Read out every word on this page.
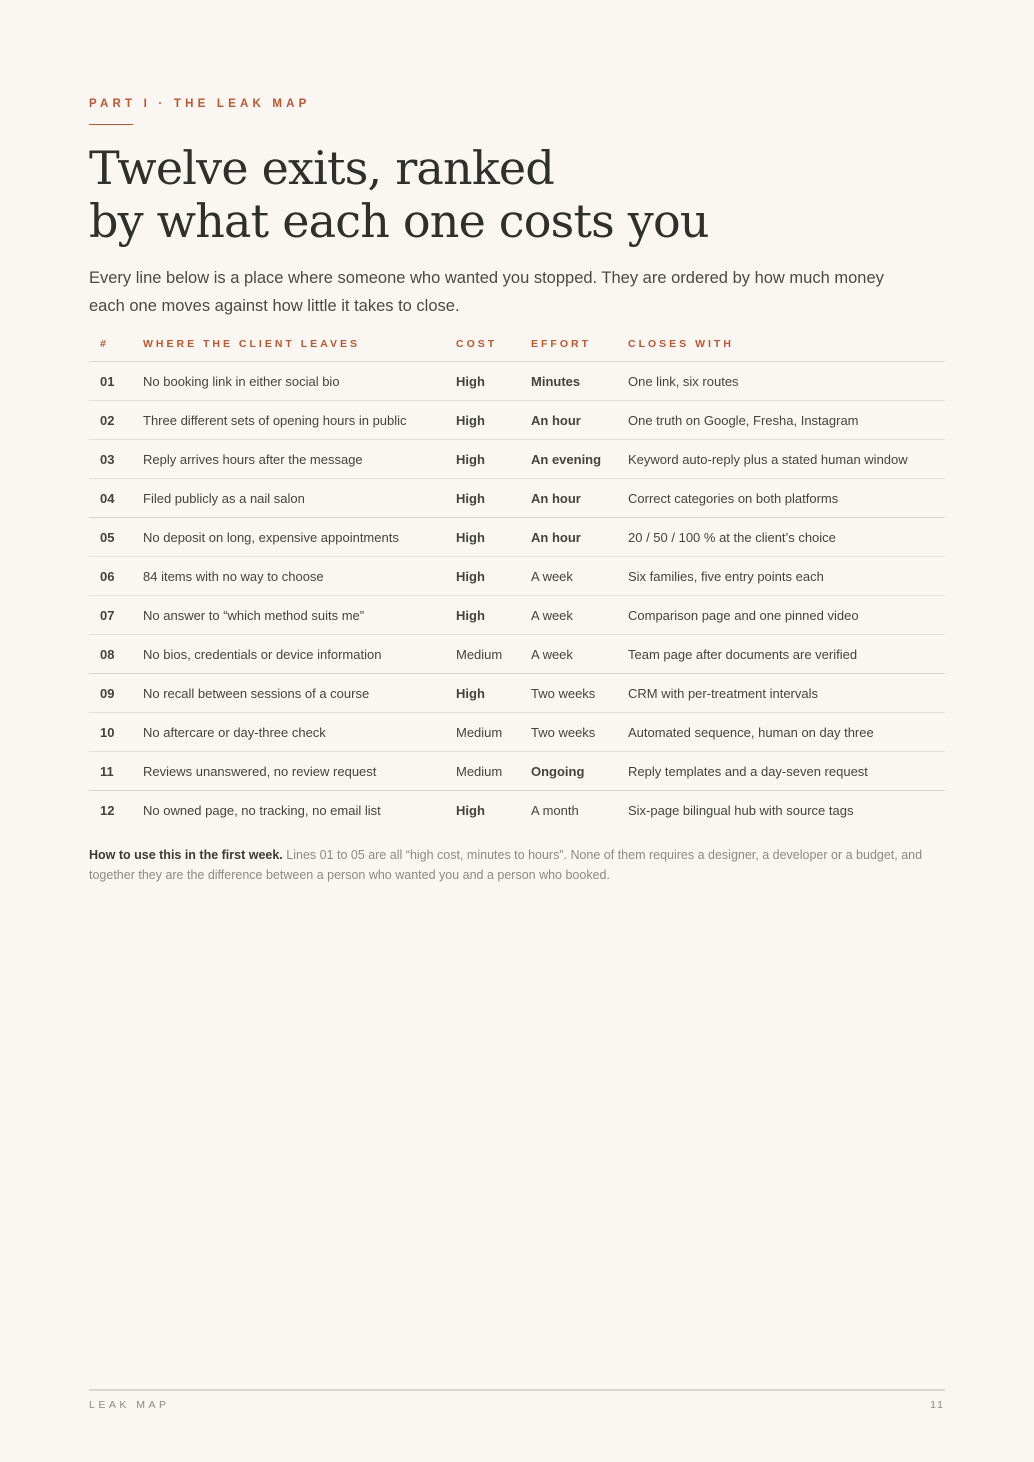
PART I · THE LEAK MAP
Twelve exits, ranked
by what each one costs you

Every line below is a place where someone who wanted you stopped. They are ordered by how much money each one moves against how little it takes to close.

#	WHERE THE CLIENT LEAVES	COST	EFFORT	CLOSES WITH
01	No booking link in either social bio	High	Minutes	One link, six routes
02	Three different sets of opening hours in public	High	An hour	One truth on Google, Fresha, Instagram
03	Reply arrives hours after the message	High	An evening	Keyword auto-reply plus a stated human window
04	Filed publicly as a nail salon	High	An hour	Correct categories on both platforms
05	No deposit on long, expensive appointments	High	An hour	20 / 50 / 100 % at the client’s choice
06	84 items with no way to choose	High	A week	Six families, five entry points each
07	No answer to “which method suits me”	High	A week	Comparison page and one pinned video
08	No bios, credentials or device information	Medium	A week	Team page after documents are verified
09	No recall between sessions of a course	High	Two weeks	CRM with per-treatment intervals
10	No aftercare or day-three check	Medium	Two weeks	Automated sequence, human on day three
11	Reviews unanswered, no review request	Medium	Ongoing	Reply templates and a day-seven request
12	No owned page, no tracking, no email list	High	A month	Six-page bilingual hub with source tags

How to use this in the first week. Lines 01 to 05 are all “high cost, minutes to hours”. None of them requires a designer, a developer or a budget, and together they are the difference between a person who wanted you and a person who booked.

LEAK MAP	11
